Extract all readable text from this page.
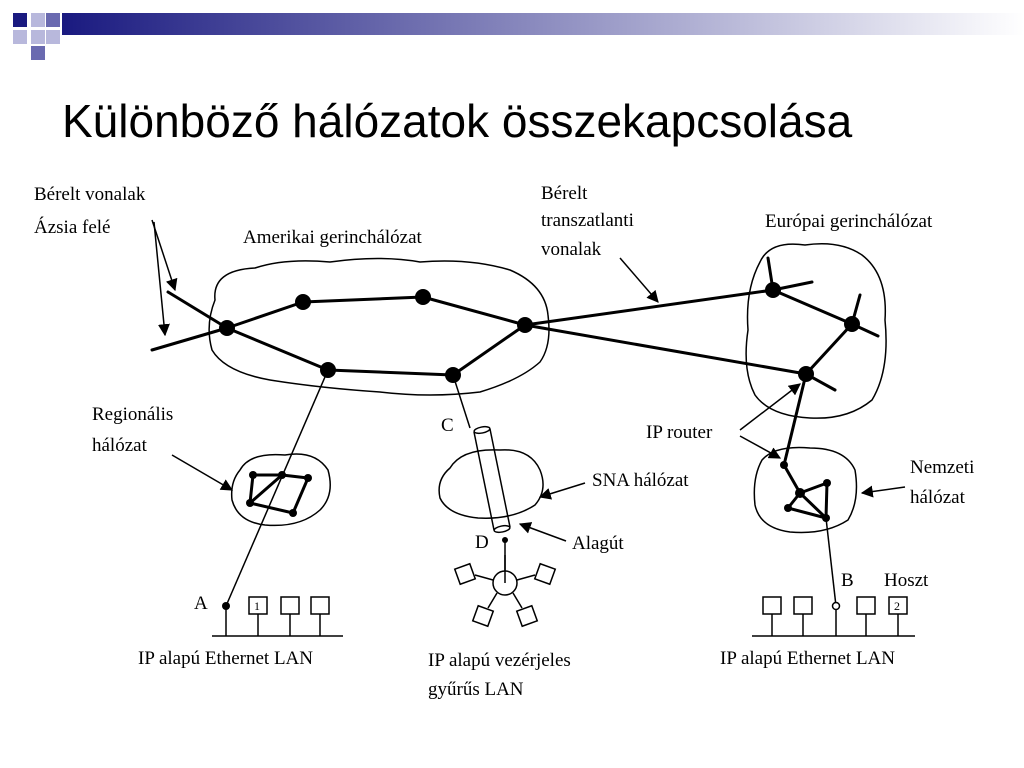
Különböző hálózatok összekapcsolása
Bérelt vonalak
Ázsia felé	Amerikai gerinchálózat
Bérelt
transzatlanti
vonalak
Európai gerinchálózat
Regionális
hálózat
C
SNA hálózat
IP router
Nemzeti
hálózat
D	Alagút
A
B Hoszt
1	2
IP alapú Ethernet LAN	IP alapú vezérjeles
gyűrűs LAN
IP alapú Ethernet LAN
